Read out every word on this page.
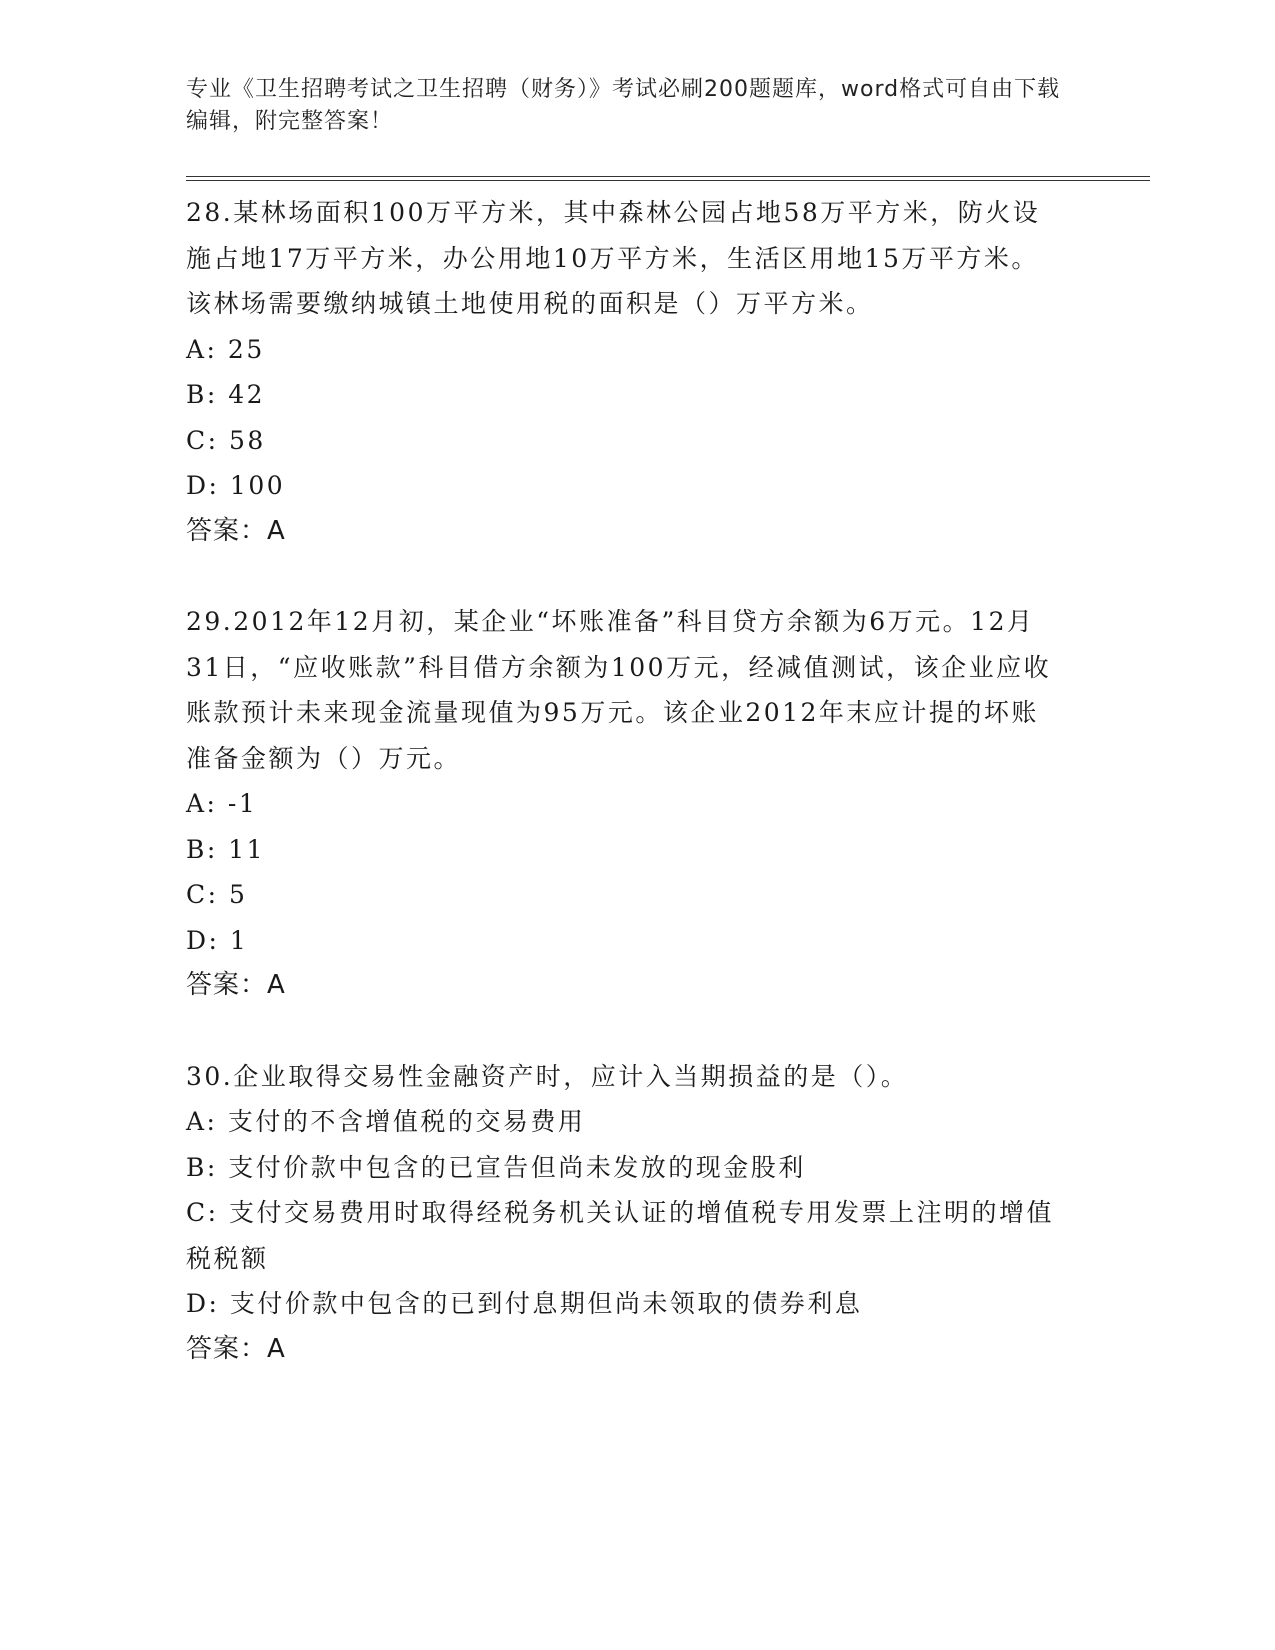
专业《卫生招聘考试之卫生招聘（财务）》考试必刷200题题库，word格式可自由下载编辑，附完整答案！

28.某林场面积100万平方米，其中森林公园占地58万平方米，防火设施占地17万平方米，办公用地10万平方米，生活区用地15万平方米。该林场需要缴纳城镇土地使用税的面积是（）万平方米。

A: 25

B: 42

C: 58

D: 100

答案：A

29.2012年12月初，某企业“坏账准备”科目贷方余额为6万元。12月31日，“应收账款”科目借方余额为100万元，经减值测试，该企业应收账款预计未来现金流量现值为95万元。该企业2012年末应计提的坏账准备金额为（）万元。

A: -1

B: 11

C: 5

D: 1

答案：A

30.企业取得交易性金融资产时，应计入当期损益的是（）。

A: 支付的不含增值税的交易费用

B: 支付价款中包含的已宣告但尚未发放的现金股利

C: 支付交易费用时取得经税务机关认证的增值税专用发票上注明的增值税税额

D: 支付价款中包含的已到付息期但尚未领取的债券利息

答案：A
